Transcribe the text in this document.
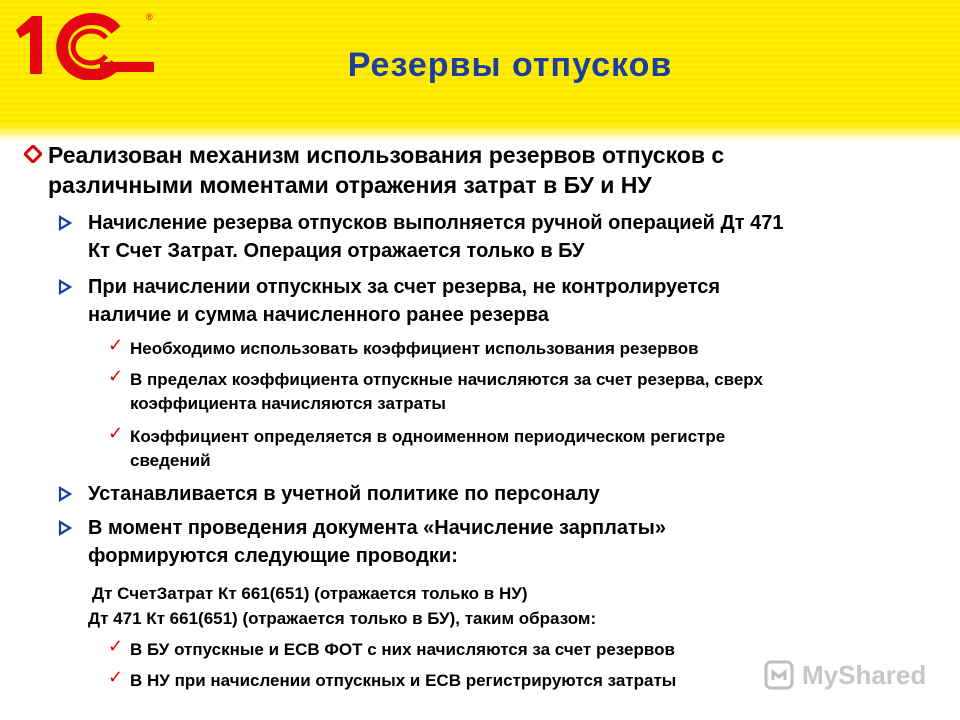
®
Резервы отпусков
Реализован механизм использования резервов отпусков с
различными моментами отражения затрат в БУ и НУ
Начисление резерва отпусков выполняется ручной операцией Дт 471
Кт Счет Затрат. Операция отражается только в БУ
При начислении отпускных за счет резерва, не контролируется
наличие и сумма начисленного ранее резерва
✓ Необходимо использовать коэффициент использования резервов
✓ В пределах коэффициента отпускные начисляются за счет резерва, сверх
коэффициента начисляются затраты
✓ Коэффициент определяется в одноименном периодическом регистре
сведений
Устанавливается в учетной политике по персоналу
В момент проведения документа «Начисление зарплаты»
формируются следующие проводки:
Дт СчетЗатрат Кт 661(651) (отражается только в НУ)
Дт 471 Кт 661(651) (отражается только в БУ), таким образом:
✓ В БУ отпускные и ЕСВ ФОТ с них начисляются за счет резервов
✓ В НУ при начислении отпускных и ЕСВ регистрируются затраты	MyShared
